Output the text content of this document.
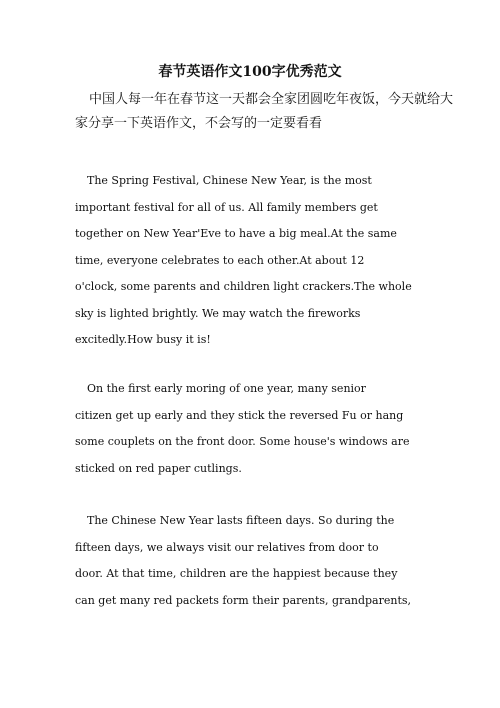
春节英语作文100字优秀范文
中国人每一年在春节这一天都会全家团圆吃年夜饭，今天就给大
家分享一下英语作文，不会写的一定要看看
The Spring Festival, Chinese New Year, is the most
important festival for all of us. All family members get
together on New Year'Eve to have a big meal.At the same
time, everyone celebrates to each other.At about 12
o'clock, some parents and children light crackers.The whole
sky is lighted brightly. We may watch the fireworks
excitedly.How busy it is!
On the first early moring of one year, many senior
citizen get up early and they stick the reversed Fu or hang
some couplets on the front door. Some house's windows are
sticked on red paper cutlings.
The Chinese New Year lasts fifteen days. So during the
fifteen days, we always visit our relatives from door to
door. At that time, children are the happiest because they
can get many red packets form their parents, grandparents,
